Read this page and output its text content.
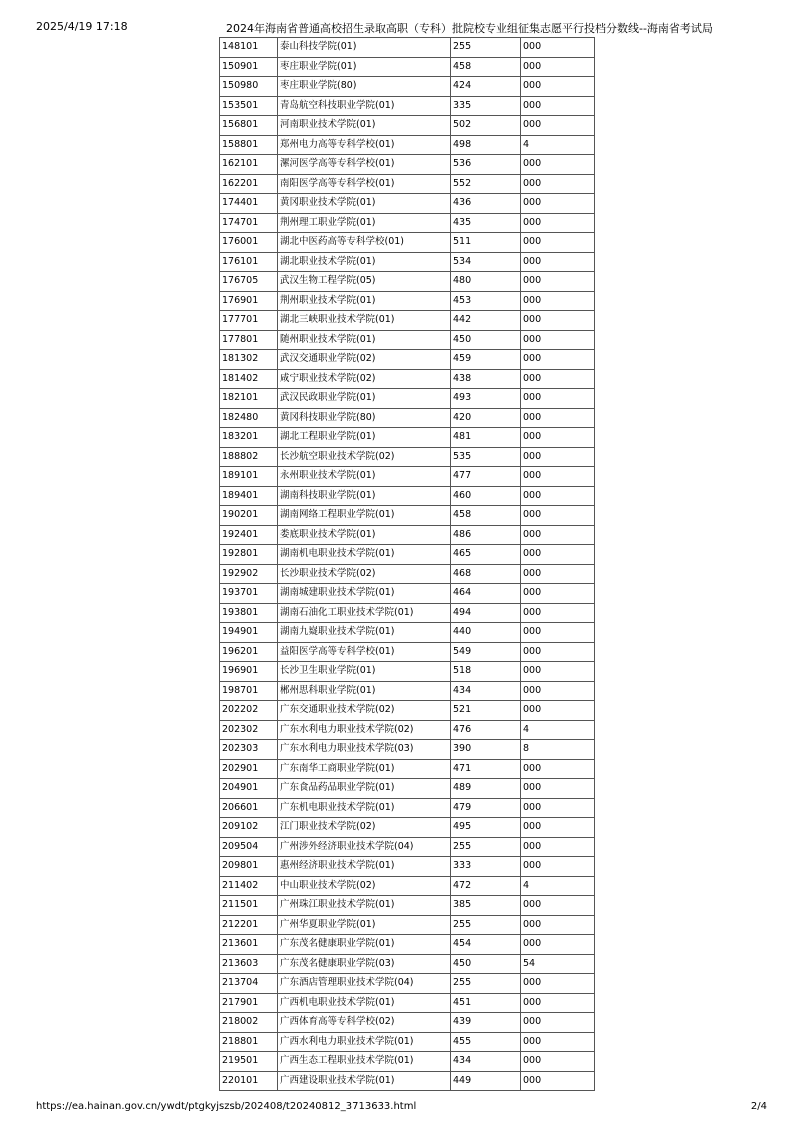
2025/4/19 17:18	2024年海南省普通高校招生录取高职（专科）批院校专业组征集志愿平行投档分数线--海南省考试局
148101	泰山科技学院(01)	255	000
150901	枣庄职业学院(01)	458	000
150980	枣庄职业学院(80)	424	000
153501	青岛航空科技职业学院(01)	335	000
156801	河南职业技术学院(01)	502	000
158801	郑州电力高等专科学校(01)	498	4
162101	漯河医学高等专科学校(01)	536	000
162201	南阳医学高等专科学校(01)	552	000
174401	黄冈职业技术学院(01)	436	000
174701	荆州理工职业学院(01)	435	000
176001	湖北中医药高等专科学校(01)	511	000
176101	湖北职业技术学院(01)	534	000
176705	武汉生物工程学院(05)	480	000
176901	荆州职业技术学院(01)	453	000
177701	湖北三峡职业技术学院(01)	442	000
177801	随州职业技术学院(01)	450	000
181302	武汉交通职业学院(02)	459	000
181402	咸宁职业技术学院(02)	438	000
182101	武汉民政职业学院(01)	493	000
182480	黄冈科技职业学院(80)	420	000
183201	湖北工程职业学院(01)	481	000
188802	长沙航空职业技术学院(02)	535	000
189101	永州职业技术学院(01)	477	000
189401	湖南科技职业学院(01)	460	000
190201	湖南网络工程职业学院(01)	458	000
192401	娄底职业技术学院(01)	486	000
192801	湖南机电职业技术学院(01)	465	000
192902	长沙职业技术学院(02)	468	000
193701	湖南城建职业技术学院(01)	464	000
193801	湖南石油化工职业技术学院(01)	494	000
194901	湖南九嶷职业技术学院(01)	440	000
196201	益阳医学高等专科学校(01)	549	000
196901	长沙卫生职业学院(01)	518	000
198701	郴州思科职业学院(01)	434	000
202202	广东交通职业技术学院(02)	521	000
202302	广东水利电力职业技术学院(02)	476	4
202303	广东水利电力职业技术学院(03)	390	8
202901	广东南华工商职业学院(01)	471	000
204901	广东食品药品职业学院(01)	489	000
206601	广东机电职业技术学院(01)	479	000
209102	江门职业技术学院(02)	495	000
209504	广州涉外经济职业技术学院(04)	255	000
209801	惠州经济职业技术学院(01)	333	000
211402	中山职业技术学院(02)	472	4
211501	广州珠江职业技术学院(01)	385	000
212201	广州华夏职业学院(01)	255	000
213601	广东茂名健康职业学院(01)	454	000
213603	广东茂名健康职业学院(03)	450	54
213704	广东酒店管理职业技术学院(04)	255	000
217901	广西机电职业技术学院(01)	451	000
218002	广西体育高等专科学校(02)	439	000
218801	广西水利电力职业技术学院(01)	455	000
219501	广西生态工程职业技术学院(01)	434	000
220101	广西建设职业技术学院(01)	449	000
https://ea.hainan.gov.cn/ywdt/ptgkyjszsb/202408/t20240812_3713633.html	2/4
